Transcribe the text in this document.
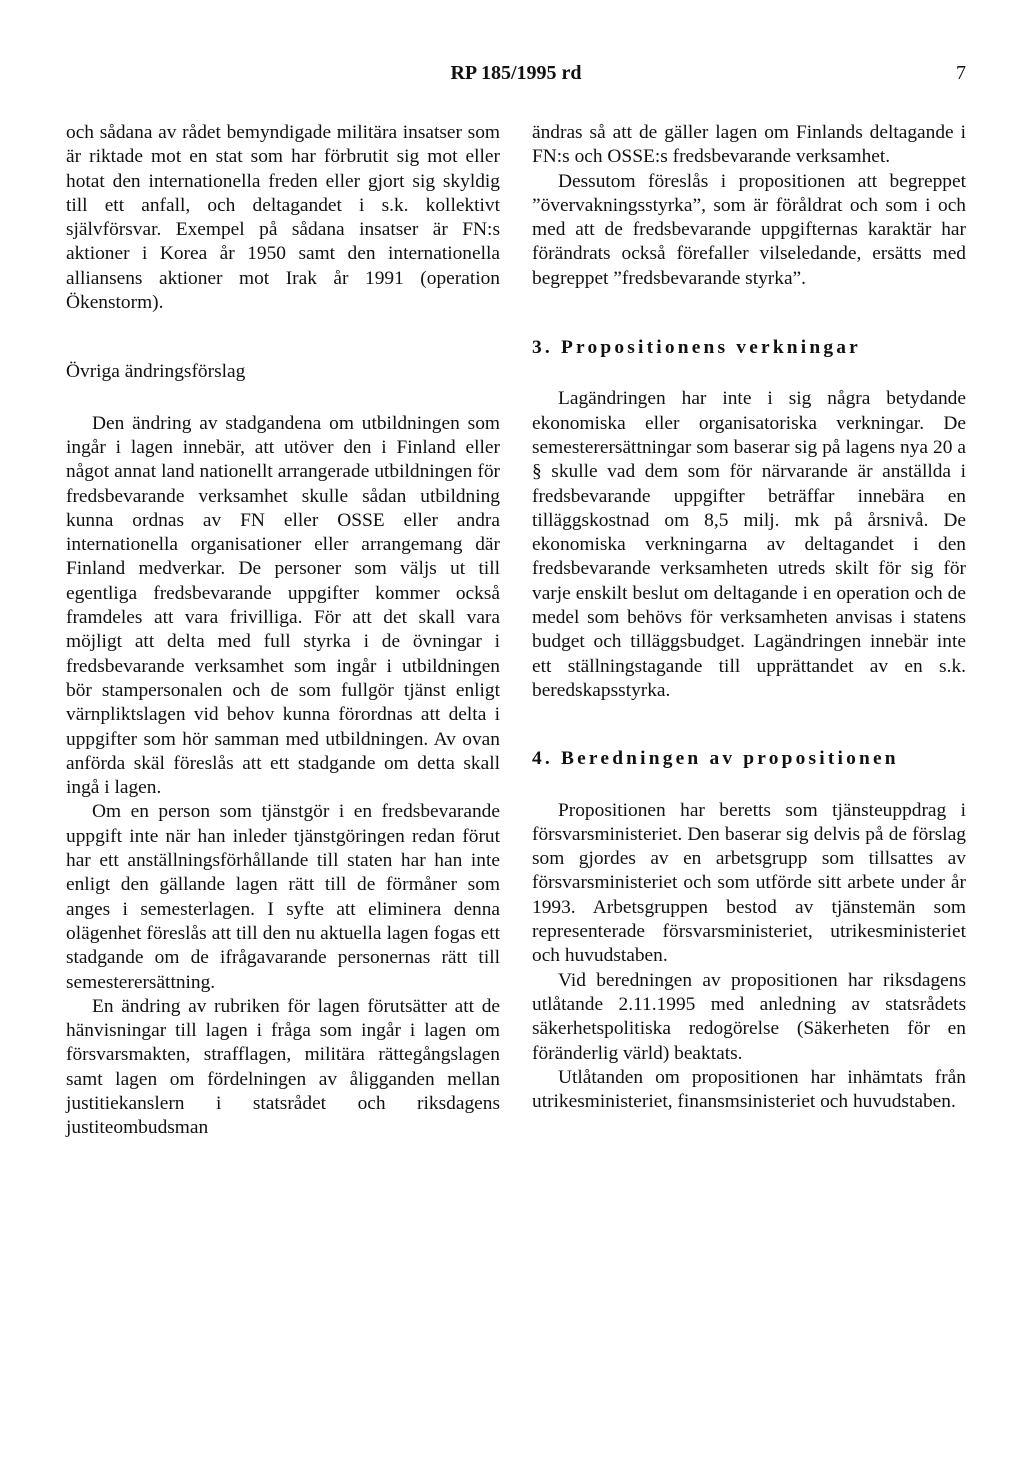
RP 185/1995 rd	7

och sådana av rådet bemyndigade militära insatser som är riktade mot en stat som har förbrutit sig mot eller hotat den internationella freden eller gjort sig skyldig till ett anfall, och deltagandet i s.k. kollektivt självförsvar. Exempel på sådana insatser är FN:s aktioner i Korea år 1950 samt den internationella alliansens aktioner mot Irak år 1991 (operation Ökenstorm).

Övriga ändringsförslag

Den ändring av stadgandena om utbildningen som ingår i lagen innebär, att utöver den i Finland eller något annat land nationellt arrangerade utbildningen för fredsbevarande verksamhet skulle sådan utbildning kunna ordnas av FN eller OSSE eller andra internationella organisationer eller arrangemang där Finland medverkar. De personer som väljs ut till egentliga fredsbevarande uppgifter kommer också framdeles att vara frivilliga. För att det skall vara möjligt att delta med full styrka i de övningar i fredsbevarande verksamhet som ingår i utbildningen bör stampersonalen och de som fullgör tjänst enligt värnpliktslagen vid behov kunna förordnas att delta i uppgifter som hör samman med utbildningen. Av ovan anförda skäl föreslås att ett stadgande om detta skall ingå i lagen.

Om en person som tjänstgör i en fredsbevarande uppgift inte när han inleder tjänstgöringen redan förut har ett anställningsförhållande till staten har han inte enligt den gällande lagen rätt till de förmåner som anges i semesterlagen. I syfte att eliminera denna olägenhet föreslås att till den nu aktuella lagen fogas ett stadgande om de ifrågavarande personernas rätt till semesterersättning.

En ändring av rubriken för lagen förutsätter att de hänvisningar till lagen i fråga som ingår i lagen om försvarsmakten, strafflagen, militära rättegångslagen samt lagen om fördelningen av åligganden mellan justitiekanslern i statsrådet och riksdagens justiteombudsman

ändras så att de gäller lagen om Finlands deltagande i FN:s och OSSE:s fredsbevarande verksamhet.

Dessutom föreslås i propositionen att begreppet ”övervakningsstyrka”, som är föråldrat och som i och med att de fredsbevarande uppgifternas karaktär har förändrats också förefaller vilseledande, ersätts med begreppet ”fredsbevarande styrka”.

3. Propositionens verkningar

Lagändringen har inte i sig några betydande ekonomiska eller organisatoriska verkningar. De semesterersättningar som baserar sig på lagens nya 20 a § skulle vad dem som för närvarande är anställda i fredsbevarande uppgifter beträffar innebära en tilläggskostnad om 8,5 milj. mk på årsnivå. De ekonomiska verkningarna av deltagandet i den fredsbevarande verksamheten utreds skilt för sig för varje enskilt beslut om deltagande i en operation och de medel som behövs för verksamheten anvisas i statens budget och tilläggsbudget. Lagändringen innebär inte ett ställningstagande till upprättandet av en s.k. beredskapsstyrka.

4. Beredningen av propositionen

Propositionen har beretts som tjänsteuppdrag i försvarsministeriet. Den baserar sig delvis på de förslag som gjordes av en arbetsgrupp som tillsattes av försvarsministeriet och som utförde sitt arbete under år 1993. Arbetsgruppen bestod av tjänstemän som representerade försvarsministeriet, utrikesministeriet och huvudstaben.

Vid beredningen av propositionen har riksdagens utlåtande 2.11.1995 med anledning av statsrådets säkerhetspolitiska redogörelse (Säkerheten för en föränderlig värld) beaktats.

Utlåtanden om propositionen har inhämtats från utrikesministeriet, finansmsinisteriet och huvudstaben.
